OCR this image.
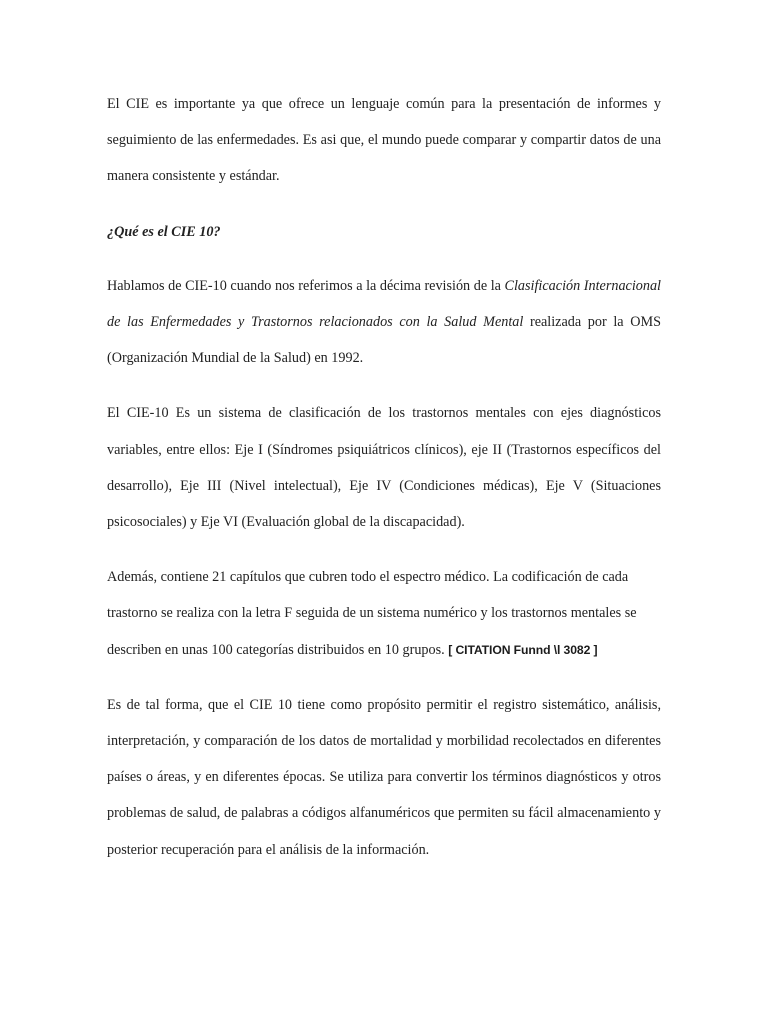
El CIE es importante ya que ofrece un lenguaje común para la presentación de informes y seguimiento de las enfermedades. Es asi que, el mundo puede comparar y compartir datos de una manera consistente y estándar.

¿Qué es el CIE 10?

Hablamos de CIE-10 cuando nos referimos a la décima revisión de la Clasificación Internacional de las Enfermedades y Trastornos relacionados con la Salud Mental realizada por la OMS (Organización Mundial de la Salud) en 1992.

El CIE-10 Es un sistema de clasificación de los trastornos mentales con ejes diagnósticos variables, entre ellos: Eje I (Síndromes psiquiátricos clínicos), eje II (Trastornos específicos del desarrollo), Eje III (Nivel intelectual), Eje IV (Condiciones médicas), Eje V (Situaciones psicosociales) y Eje VI (Evaluación global de la discapacidad).

Además, contiene 21 capítulos que cubren todo el espectro médico. La codificación de cada trastorno se realiza con la letra F seguida de un sistema numérico y los trastornos mentales se describen en unas 100 categorías distribuidos en 10 grupos. [ CITATION Funnd \l 3082 ]

Es de tal forma, que el CIE 10 tiene como propósito permitir el registro sistemático, análisis, interpretación, y comparación de los datos de mortalidad y morbilidad recolectados en diferentes países o áreas, y en diferentes épocas. Se utiliza para convertir los términos diagnósticos y otros problemas de salud, de palabras a códigos alfanuméricos que permiten su fácil almacenamiento y posterior recuperación para el análisis de la información.
